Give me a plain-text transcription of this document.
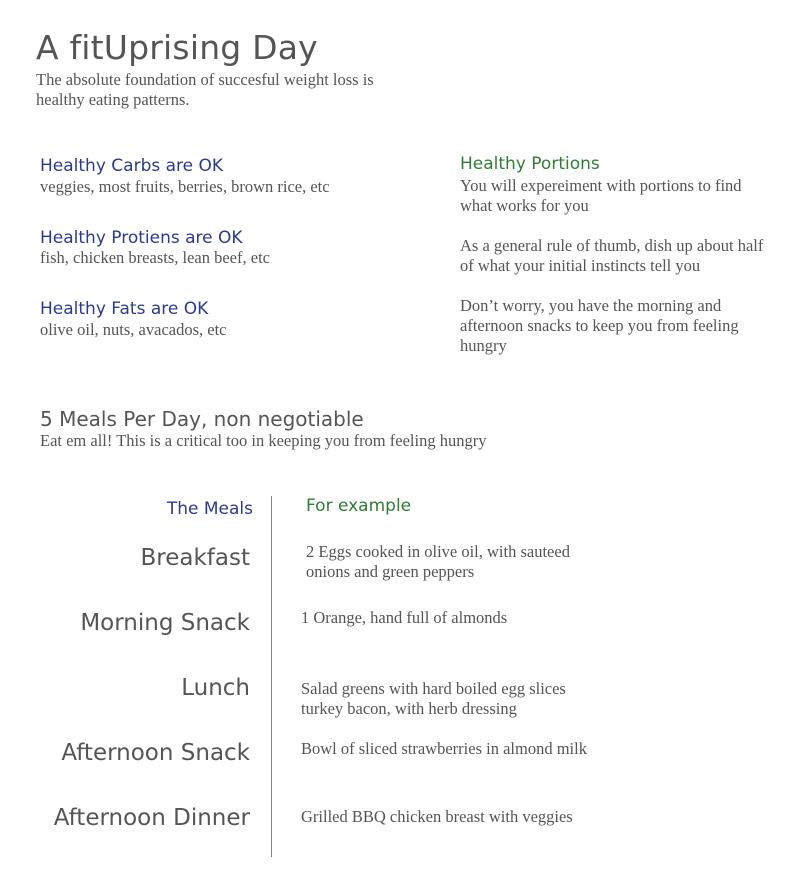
A fitUprising Day
The absolute foundation of succesful weight loss is healthy eating patterns.
Healthy Carbs are OK
veggies, most fruits, berries, brown rice, etc
Healthy Protiens are OK
fish, chicken breasts, lean beef, etc
Healthy Fats are OK
olive oil, nuts, avacados, etc
Healthy Portions
You will expereiment with portions to find what works for you
As a general rule of thumb, dish up about half of what your initial instincts tell you
Don’t worry, you have the morning and afternoon snacks to keep you from feeling hungry
5 Meals Per Day, non negotiable
Eat em all! This is a critical too in keeping you from feeling hungry
The Meals	For example
Breakfast	2 Eggs cooked in olive oil, with sauteed onions and green peppers
Morning Snack	1 Orange, hand full of almonds
Lunch	Salad greens with hard boiled egg slices turkey bacon, with herb dressing
Afternoon Snack	Bowl of sliced strawberries in almond milk
Afternoon Dinner	Grilled BBQ chicken breast with veggies
